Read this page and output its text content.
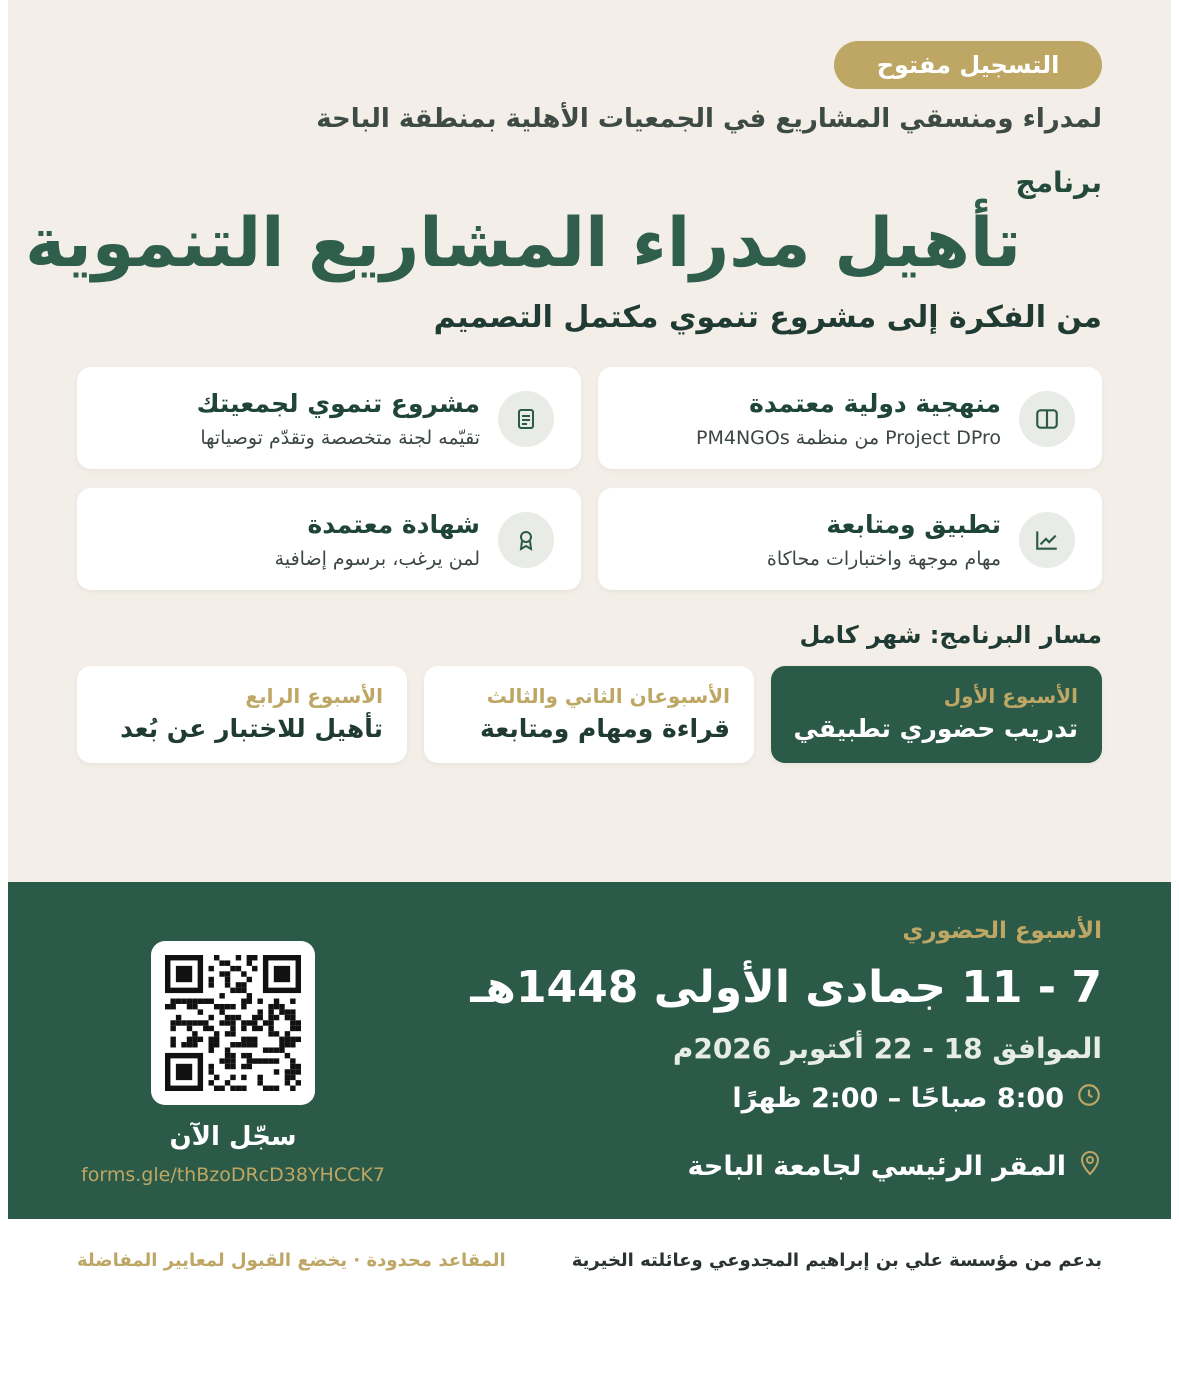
التسجيل مفتوح
لمدراء ومنسقي المشاريع في الجمعيات الأهلية بمنطقة الباحة
برنامج
تأهيل مدراء المشاريع التنموية
من الفكرة إلى مشروع تنموي مكتمل التصميم
منهجية دولية معتمدة
Project DPro من منظمة PM4NGOs
مشروع تنموي لجمعيتك
تقيّمه لجنة متخصصة وتقدّم توصياتها
تطبيق ومتابعة
مهام موجهة واختبارات محاكاة
شهادة معتمدة
لمن يرغب، برسوم إضافية
مسار البرنامج: شهر كامل
الأسبوع الأول
تدريب حضوري تطبيقي
الأسبوعان الثاني والثالث
قراءة ومهام ومتابعة
الأسبوع الرابع
تأهيل للاختبار عن بُعد
الأسبوع الحضوري
7 - 11 جمادى الأولى 1448هـ
الموافق 18 - 22 أكتوبر 2026م
8:00 صباحًا – 2:00 ظهرًا
المقر الرئيسي لجامعة الباحة
سجّل الآن
forms.gle/thBzoDRcD38YHCCK7
بدعم من مؤسسة علي بن إبراهيم المجدوعي وعائلته الخيرية
المقاعد محدودة · يخضع القبول لمعايير المفاضلة
